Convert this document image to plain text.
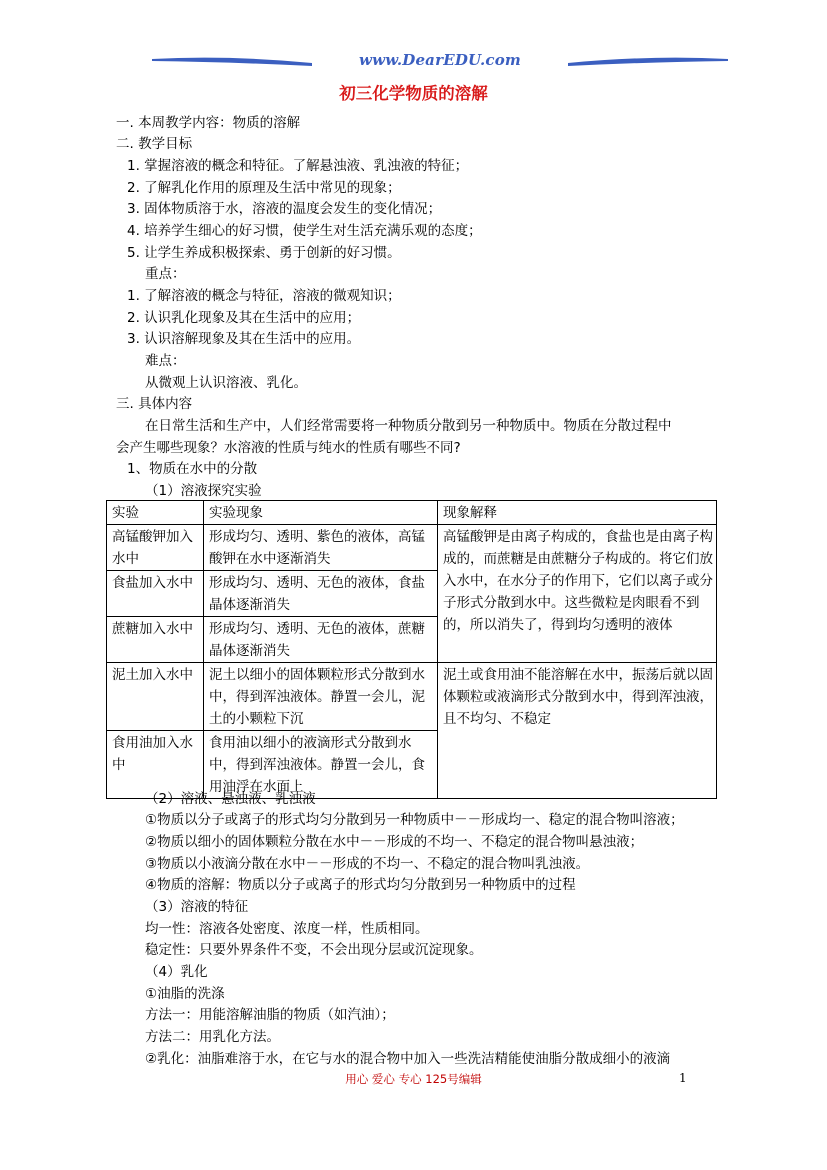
www.DearEDU.com
初三化学物质的溶解
一. 本周教学内容：物质的溶解
二. 教学目标
1. 掌握溶液的概念和特征。了解悬浊液、乳浊液的特征；
2. 了解乳化作用的原理及生活中常见的现象；
3. 固体物质溶于水，溶液的温度会发生的变化情况；
4. 培养学生细心的好习惯，使学生对生活充满乐观的态度；
5. 让学生养成积极探索、勇于创新的好习惯。
重点：
1. 了解溶液的概念与特征，溶液的微观知识；
2. 认识乳化现象及其在生活中的应用；
3. 认识溶解现象及其在生活中的应用。
难点：
从微观上认识溶液、乳化。
三. 具体内容
在日常生活和生产中，人们经常需要将一种物质分散到另一种物质中。物质在分散过程中
会产生哪些现象？水溶液的性质与纯水的性质有哪些不同?
1、物质在水中的分散
（1）溶液探究实验
实验	实验现象	现象解释
高锰酸钾加入水中	形成均匀、透明、紫色的液体，高锰酸钾在水中逐渐消失	高锰酸钾是由离子构成的，食盐也是由离子构成的，而蔗糖是由蔗糖分子构成的。将它们放入水中，在水分子的作用下，它们以离子或分子形式分散到水中。这些微粒是肉眼看不到的，所以消失了，得到均匀透明的液体
食盐加入水中	形成均匀、透明、无色的液体，食盐晶体逐渐消失	
蔗糖加入水中	形成均匀、透明、无色的液体，蔗糖晶体逐渐消失	
泥土加入水中	泥土以细小的固体颗粒形式分散到水中，得到浑浊液体。静置一会儿，泥土的小颗粒下沉	泥土或食用油不能溶解在水中，振荡后就以固体颗粒或液滴形式分散到水中，得到浑浊液，且不均匀、不稳定
食用油加入水中	食用油以细小的液滴形式分散到水中，得到浑浊液体。静置一会儿，食用油浮在水面上	
（2）溶液、悬浊液、乳浊液
①物质以分子或离子的形式均匀分散到另一种物质中－－形成均一、稳定的混合物叫溶液；
②物质以细小的固体颗粒分散在水中－－形成的不均一、不稳定的混合物叫悬浊液；
③物质以小液滴分散在水中－－形成的不均一、不稳定的混合物叫乳浊液。
④物质的溶解：物质以分子或离子的形式均匀分散到另一种物质中的过程
（3）溶液的特征
均一性：溶液各处密度、浓度一样，性质相同。
稳定性：只要外界条件不变，不会出现分层或沉淀现象。
（4）乳化
①油脂的洗涤
方法一：用能溶解油脂的物质（如汽油）；
方法二：用乳化方法。
②乳化：油脂难溶于水，在它与水的混合物中加入一些洗洁精能使油脂分散成细小的液滴
用心 爱心 专心 125号编辑	1
